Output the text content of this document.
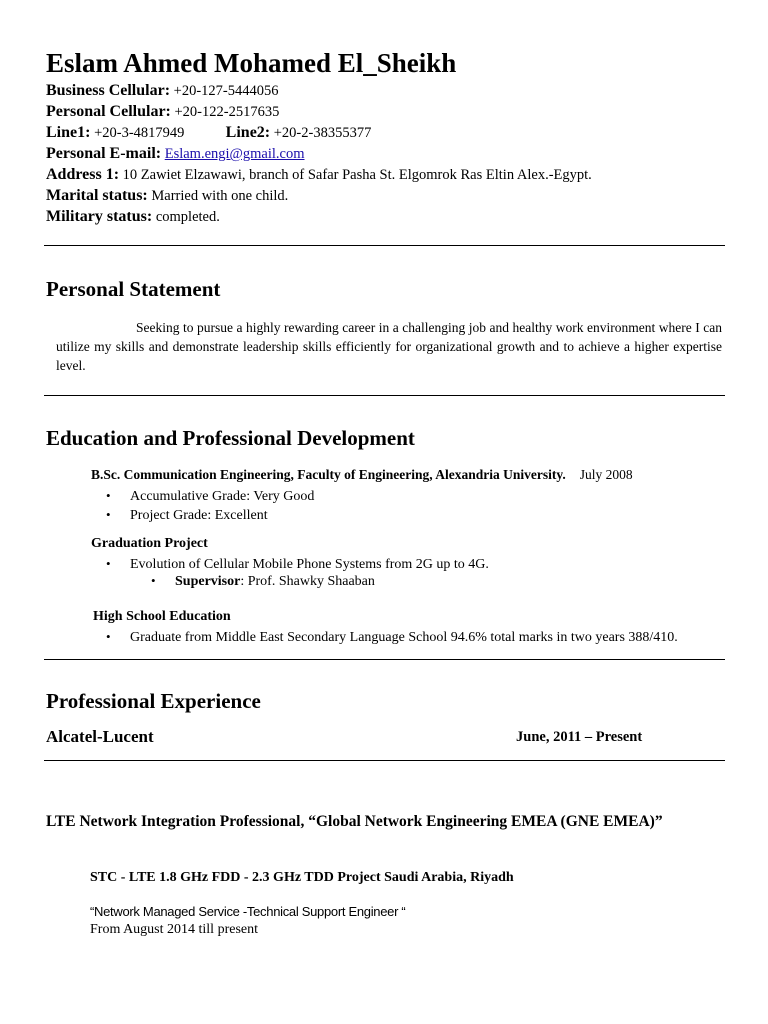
Eslam Ahmed Mohamed El_Sheikh
Business Cellular: +20-127-5444056
Personal Cellular: +20-122-2517635
Line1: +20-3-4817949	Line2: +20-2-38355377
Personal E-mail: Eslam.engi@gmail.com
Address 1: 10 Zawiet Elzawawi, branch of Safar Pasha St. Elgomrok Ras Eltin Alex.-Egypt.
Marital status: Married with one child.
Military status: completed.
Personal Statement
Seeking to pursue a highly rewarding career in a challenging job and healthy work environment where I can utilize my skills and demonstrate leadership skills efficiently for organizational growth and to achieve a higher expertise level.
Education and Professional Development
B.Sc. Communication Engineering, Faculty of Engineering, Alexandria University. July 2008
• Accumulative Grade: Very Good
• Project Grade: Excellent
Graduation Project
• Evolution of Cellular Mobile Phone Systems from 2G up to 4G.
• Supervisor: Prof. Shawky Shaaban
High School Education
• Graduate from Middle East Secondary Language School 94.6% total marks in two years 388/410.
Professional Experience
Alcatel-Lucent	June, 2011 – Present
LTE Network Integration Professional, “Global Network Engineering EMEA (GNE EMEA)”
STC - LTE 1.8 GHz FDD - 2.3 GHz TDD Project Saudi Arabia, Riyadh
“Network Managed Service -Technical Support Engineer “
From August 2014 till present
